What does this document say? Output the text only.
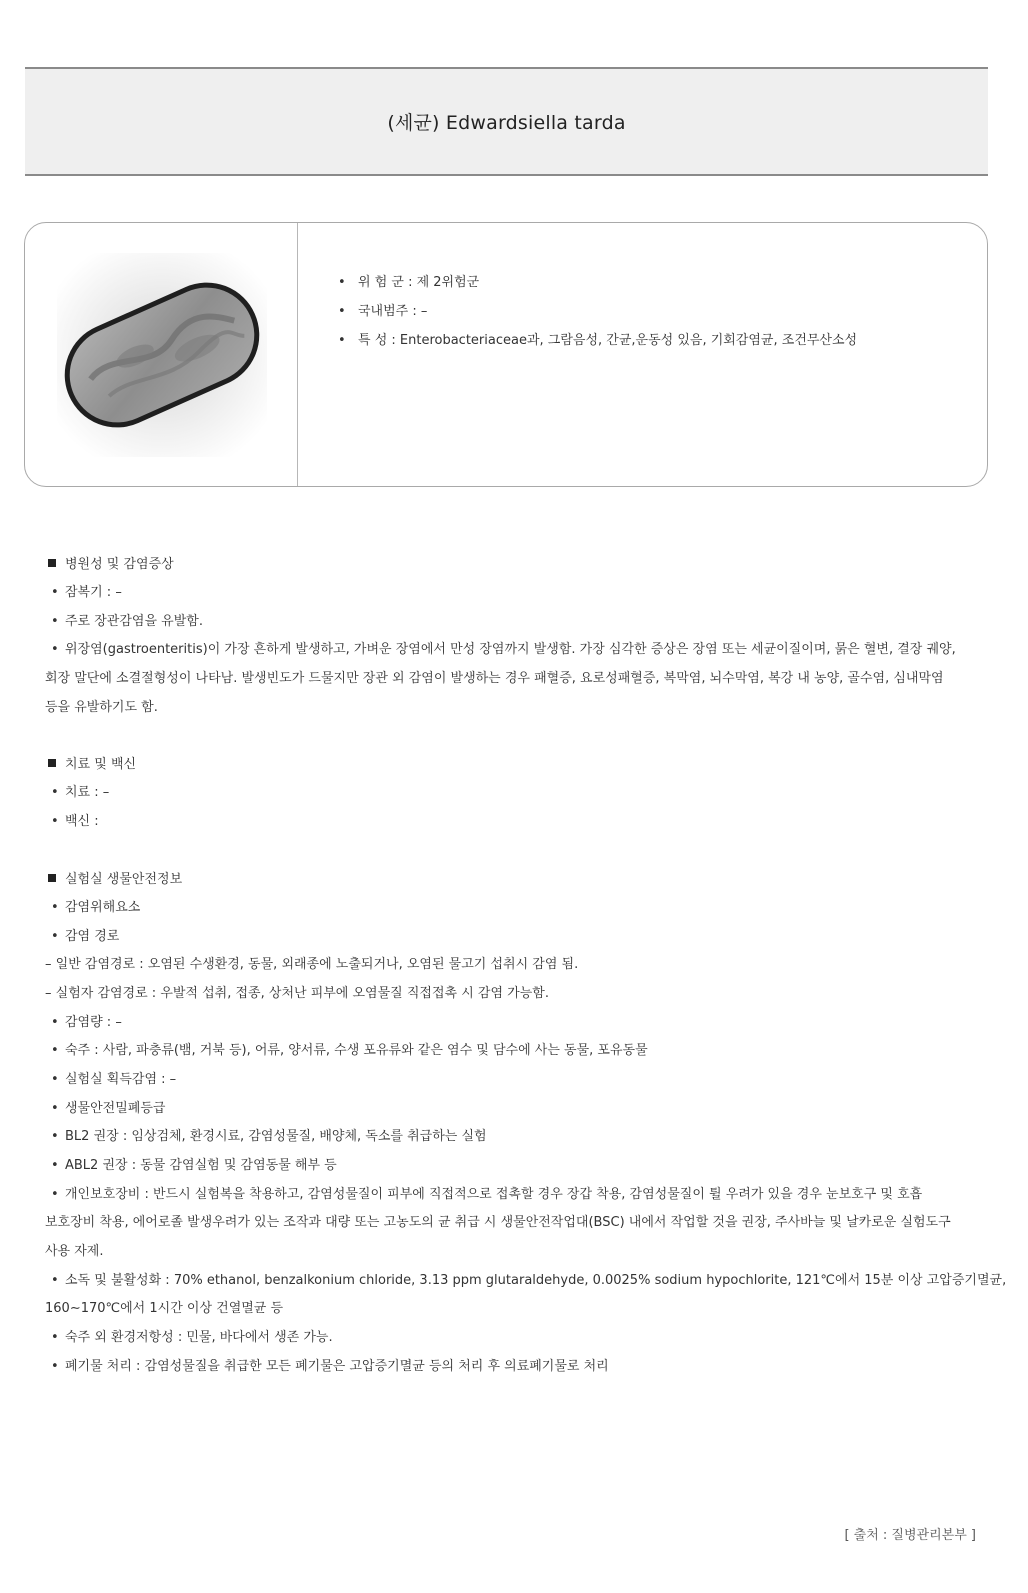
(세균) Edwardsiella tarda
• 위 험 군 : 제 2위험군
• 국내범주 : –
• 특 성 : Enterobacteriaceae과, 그람음성, 간균,운동성 있음, 기회감염균, 조건무산소성
병원성 및 감염증상
• 잠복기 : –
• 주로 장관감염을 유발함.
• 위장염(gastroenteritis)이 가장 흔하게 발생하고, 가벼운 장염에서 만성 장염까지 발생함. 가장 심각한 증상은 장염 또는 세균이질이며, 묽은 혈변, 결장 궤양,
회장 말단에 소결절형성이 나타남. 발생빈도가 드물지만 장관 외 감염이 발생하는 경우 패혈증, 요로성패혈증, 복막염, 뇌수막염, 복강 내 농양, 골수염, 심내막염
등을 유발하기도 함.
치료 및 백신
• 치료 : –
• 백신 :
실험실 생물안전정보
• 감염위해요소
• 감염 경로
– 일반 감염경로 : 오염된 수생환경, 동물, 외래종에 노출되거나, 오염된 물고기 섭취시 감염 됨.
– 실험자 감염경로 : 우발적 섭취, 접종, 상처난 피부에 오염물질 직접접촉 시 감염 가능함.
• 감염량 : –
• 숙주 : 사람, 파충류(뱀, 거북 등), 어류, 양서류, 수생 포유류와 같은 염수 및 담수에 사는 동물, 포유동물
• 실험실 획득감염 : –
• 생물안전밀폐등급
• BL2 권장 : 임상검체, 환경시료, 감염성물질, 배양체, 독소를 취급하는 실험
• ABL2 권장 : 동물 감염실험 및 감염동물 해부 등
• 개인보호장비 : 반드시 실험복을 착용하고, 감염성물질이 피부에 직접적으로 접촉할 경우 장갑 착용, 감염성물질이 튈 우려가 있을 경우 눈보호구 및 호흡
보호장비 착용, 에어로졸 발생우려가 있는 조작과 대량 또는 고농도의 균 취급 시 생물안전작업대(BSC) 내에서 작업할 것을 권장, 주사바늘 및 날카로운 실험도구
사용 자제.
• 소독 및 불활성화 : 70% ethanol, benzalkonium chloride, 3.13 ppm glutaraldehyde, 0.0025% sodium hypochlorite, 121℃에서 15분 이상 고압증기멸균,
160∼170℃에서 1시간 이상 건열멸균 등
• 숙주 외 환경저항성 : 민물, 바다에서 생존 가능.
• 폐기물 처리 : 감염성물질을 취급한 모든 폐기물은 고압증기멸균 등의 처리 후 의료폐기물로 처리
[ 출처 : 질병관리본부 ]
